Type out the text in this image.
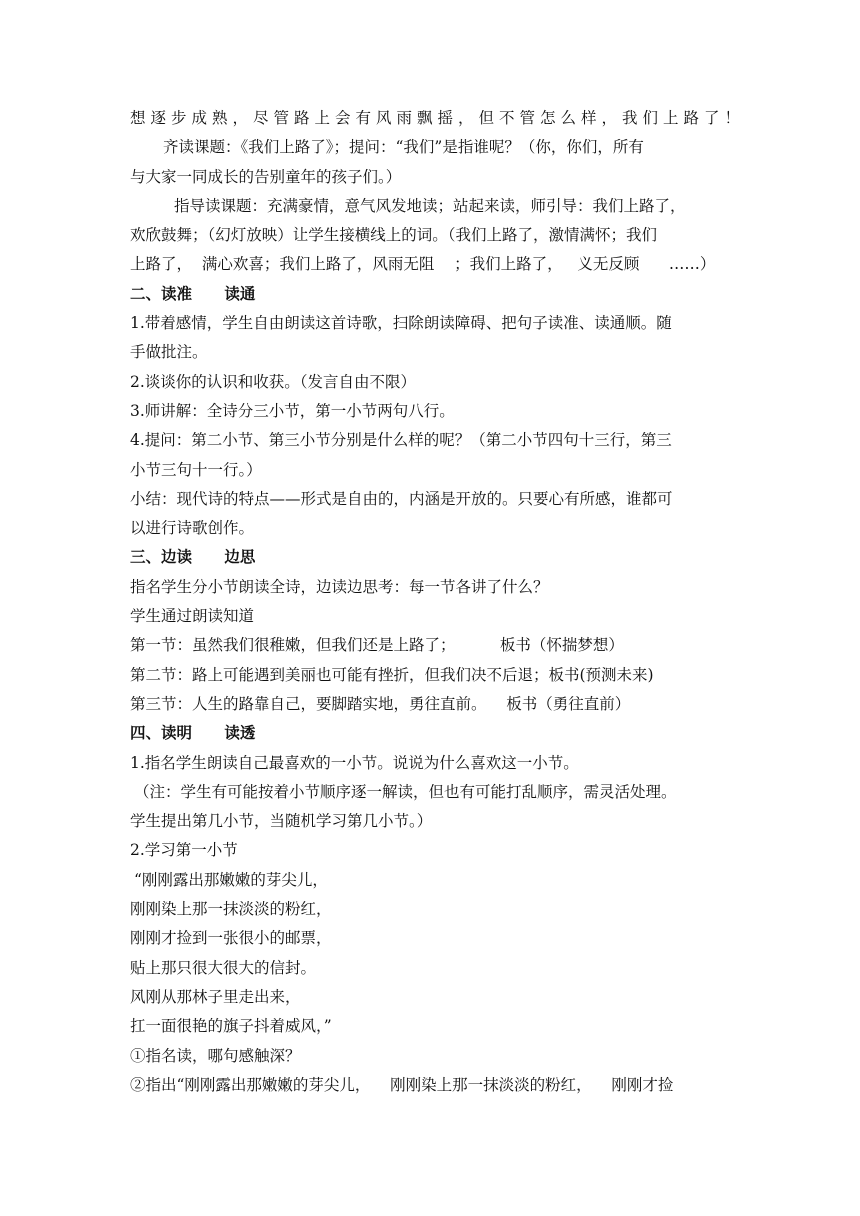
想逐步成熟，尽管路上会有风雨飘摇，但不管怎么样，我们上路了！
齐读课题：《我们上路了》；提问：“我们”是指谁呢？（你，你们，所有
与大家一同成长的告别童年的孩子们。）
指导读课题：充满豪情，意气风发地读；站起来读，师引导：我们上路了，
欢欣鼓舞；（幻灯放映）让学生接横线上的词。（我们上路了，激情满怀；我们
上路了，  满心欢喜；我们上路了，风雨无阻    ；我们上路了，   义无反顾      ……）
二、读准      读通
1.带着感情，学生自由朗读这首诗歌，扫除朗读障碍、把句子读准、读通顺。随
手做批注。
2.谈谈你的认识和收获。（发言自由不限）
3.师讲解：全诗分三小节，第一小节两句八行。
4.提问：第二小节、第三小节分别是什么样的呢？（第二小节四句十三行，第三
小节三句十一行。）
小结：现代诗的特点——形式是自由的，内涵是开放的。只要心有所感，谁都可
以进行诗歌创作。
三、边读      边思
指名学生分小节朗读全诗，边读边思考：每一节各讲了什么？
学生通过朗读知道
第一节：虽然我们很稚嫩，但我们还是上路了；         板书（怀揣梦想）
第二节：路上可能遇到美丽也可能有挫折，但我们决不后退；板书(预测未来)
第三节：人生的路靠自己，要脚踏实地，勇往直前。    板书（勇往直前）
四、读明      读透
1.指名学生朗读自己最喜欢的一小节。说说为什么喜欢这一小节。
（注：学生有可能按着小节顺序逐一解读，但也有可能打乱顺序，需灵活处理。
学生提出第几小节，当随机学习第几小节。）
2.学习第一小节
“刚刚露出那嫩嫩的芽尖儿，
刚刚染上那一抹淡淡的粉红，
刚刚才捡到一张很小的邮票，
贴上那只很大很大的信封。
风刚从那林子里走出来，
扛一面很艳的旗子抖着威风，”
①指名读，哪句感触深？
②指出“刚刚露出那嫩嫩的芽尖儿，    刚刚染上那一抹淡淡的粉红，    刚刚才捡
